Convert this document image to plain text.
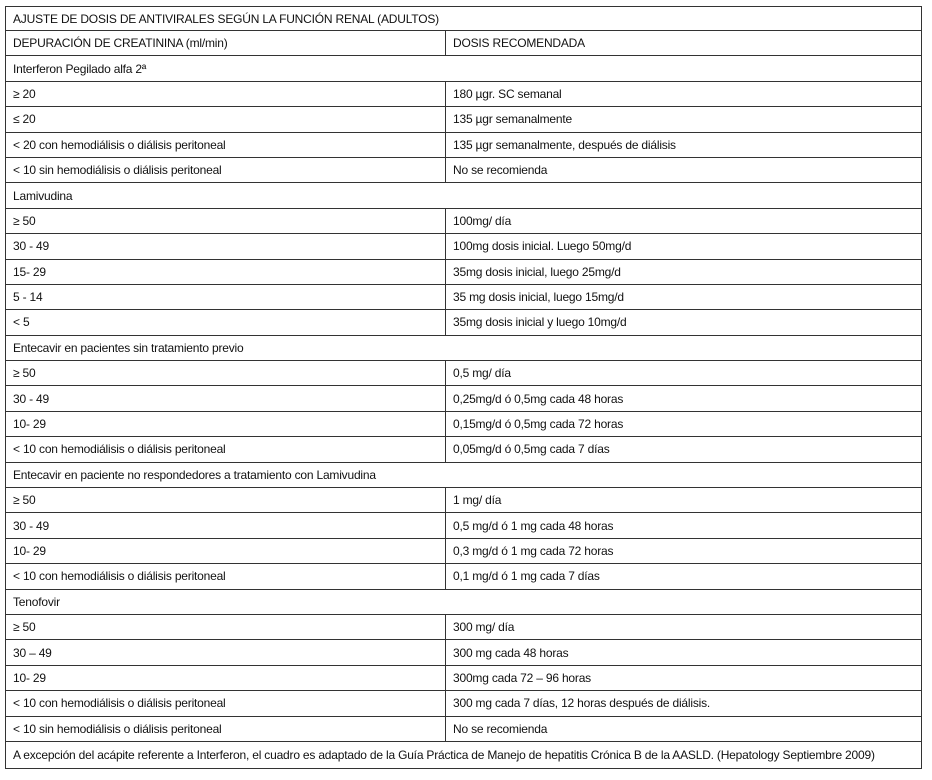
AJUSTE DE DOSIS DE ANTIVIRALES SEGÚN LA FUNCIÓN RENAL (ADULTOS)	
DEPURACIÓN DE CREATININA (ml/min)	DOSIS RECOMENDADA
Interferon Pegilado alfa 2ª	
≥ 20	180 µgr. SC semanal
≤ 20	135 µgr semanalmente
< 20 con hemodiálisis o diálisis peritoneal	135 µgr semanalmente, después de diálisis
< 10 sin hemodiálisis o diálisis peritoneal	No se recomienda
Lamivudina	
≥ 50	100mg/ día
30 - 49	100mg dosis inicial. Luego 50mg/d
15- 29	35mg dosis inicial, luego 25mg/d
5 - 14	35 mg dosis inicial, luego 15mg/d
< 5	35mg dosis inicial y luego 10mg/d
Entecavir en pacientes sin tratamiento previo	
≥ 50	0,5 mg/ día
30 - 49	0,25mg/d ó 0,5mg cada 48 horas
10- 29	0,15mg/d ó 0,5mg cada 72 horas
< 10 con hemodiálisis o diálisis peritoneal	0,05mg/d ó 0,5mg cada 7 días
Entecavir en paciente no respondedores a tratamiento con Lamivudina	
≥ 50	1 mg/ día
30 - 49	0,5 mg/d ó 1 mg cada 48 horas
10- 29	0,3 mg/d ó 1 mg cada 72 horas
< 10 con hemodiálisis o diálisis peritoneal	0,1 mg/d ó 1 mg cada 7 días
Tenofovir	
≥ 50	300 mg/ día
30 – 49	300 mg cada 48 horas
10- 29	300mg cada 72 – 96 horas
< 10 con hemodiálisis o diálisis peritoneal	300 mg cada 7 días, 12 horas después de diálisis.
< 10 sin hemodiálisis o diálisis peritoneal	No se recomienda
A excepción del acápite referente a Interferon, el cuadro es adaptado de la Guía Práctica de Manejo de hepatitis Crónica B de la AASLD. (Hepatology Septiembre 2009)	
